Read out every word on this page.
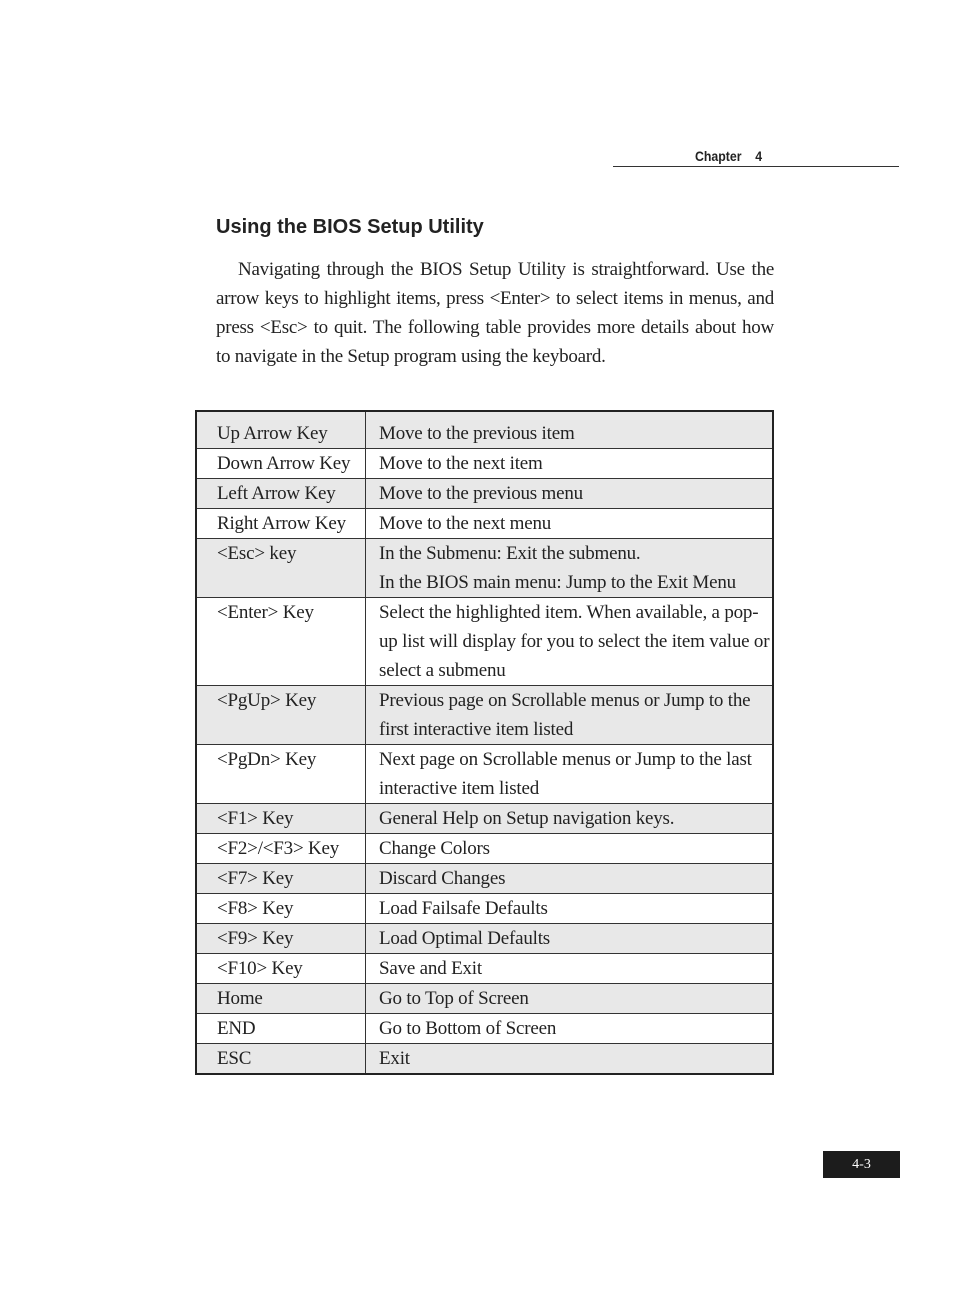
Chapter    4
Using the BIOS Setup Utility

Navigating through the BIOS Setup Utility is straightforward. Use the arrow keys to highlight items, press <Enter> to select items in menus, and press <Esc> to quit. The following table provides more details about how to navigate in the Setup program using the keyboard.

Up Arrow Key	Move to the previous item
Down Arrow Key	Move to the next item
Left Arrow Key	Move to the previous menu
Right Arrow Key	Move to the next menu
<Esc> key	In the Submenu: Exit the submenu.
In the BIOS main menu: Jump to the Exit Menu
<Enter> Key	Select the highlighted item. When available, a pop-up list will display for you to select the item value or select a submenu
<PgUp> Key	Previous page on Scrollable menus or Jump to the first interactive item listed
<PgDn> Key	Next page on Scrollable menus or Jump to the last interactive item listed
<F1> Key	General Help on Setup navigation keys.
<F2>/<F3> Key	Change Colors
<F7> Key	Discard Changes
<F8> Key	Load Failsafe Defaults
<F9> Key	Load Optimal Defaults
<F10> Key	Save and Exit
Home	Go to Top of Screen
END	Go to Bottom of Screen
ESC	Exit
4-3
